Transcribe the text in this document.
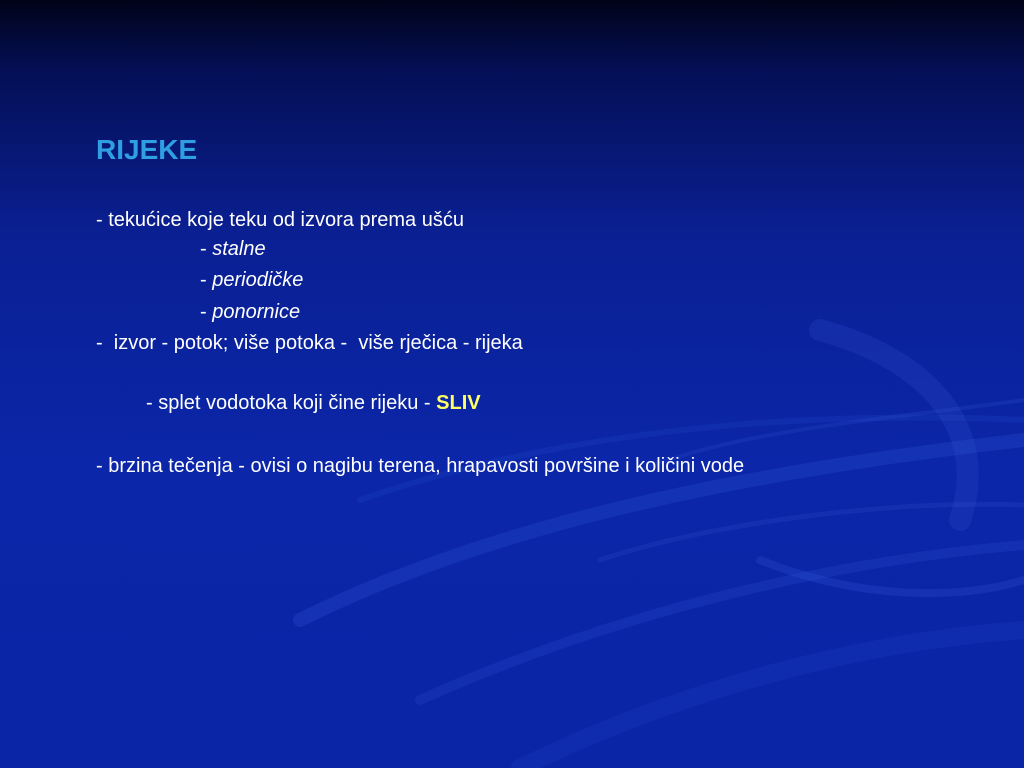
RIJEKE
- tekućice koje teku od izvora prema ušću
- stalne
- periodičke
- ponornice
-  izvor - potok; više potoka -  više rječica - rijeka
- splet vodotoka koji čine rijeku - SLIV
- brzina tečenja - ovisi o nagibu terena, hrapavosti površine i količini vode
